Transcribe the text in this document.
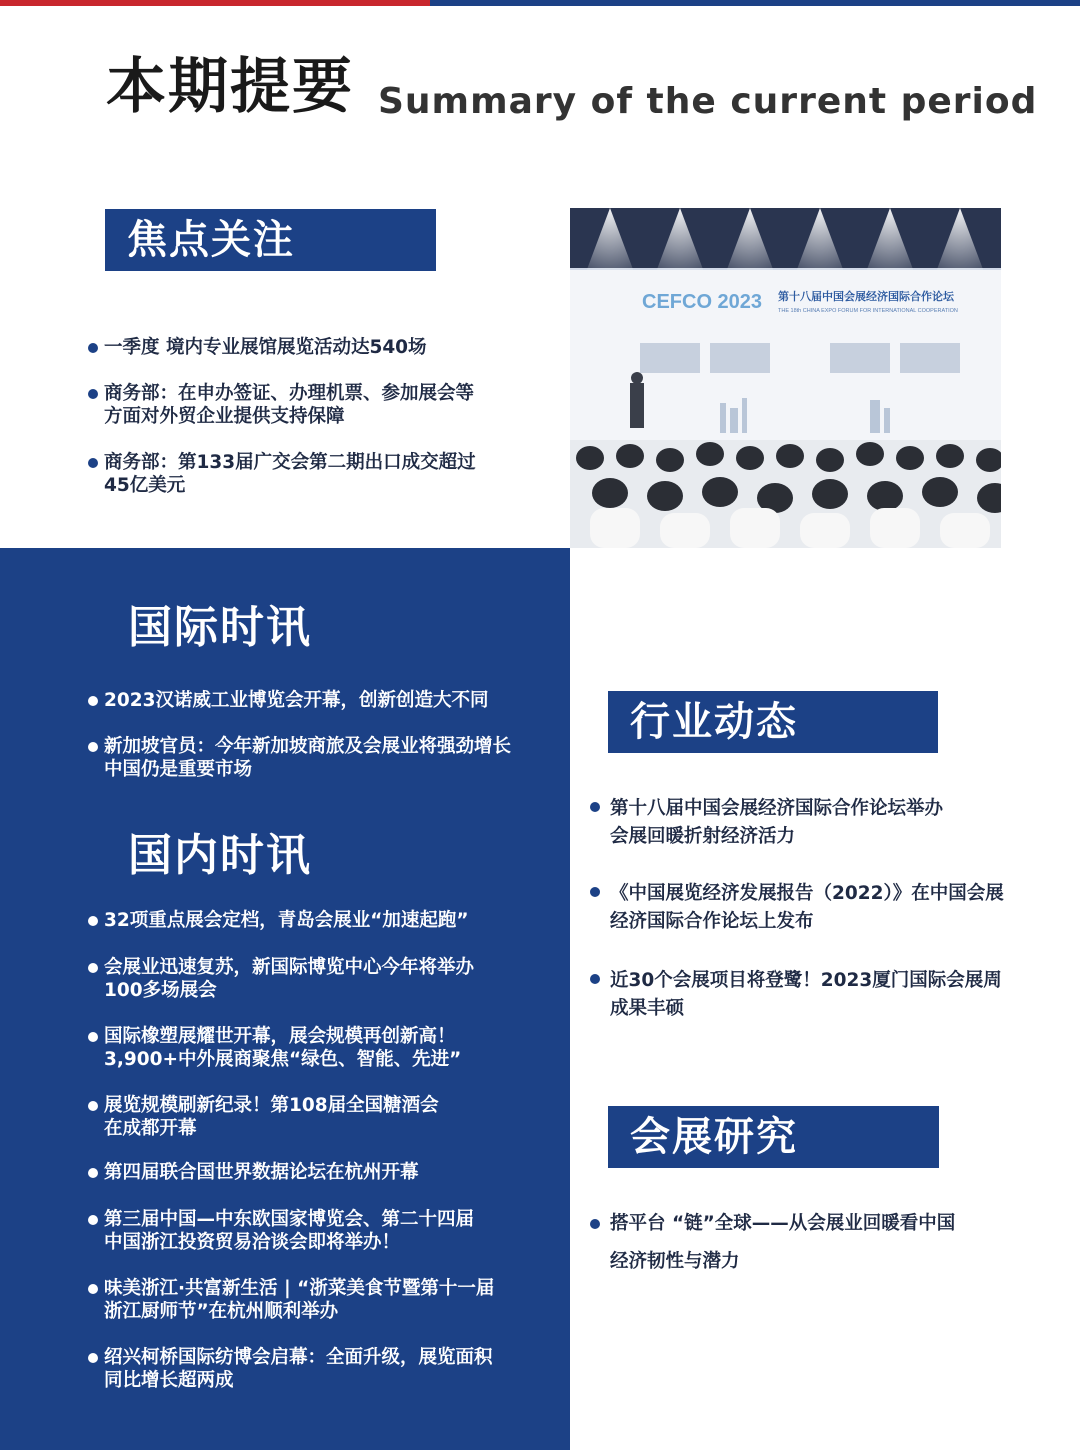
本期提要 Summary of the current period
焦点关注
一季度 境内专业展馆展览活动达540场
商务部：在申办签证、办理机票、参加展会等
方面对外贸企业提供支持保障
商务部：第133届广交会第二期出口成交超过
45亿美元
CEFCO 2023 第十八届中国会展经济国际合作论坛
THE 18th CHINA EXPO FORUM FOR INTERNATIONAL COOPERATION
国际时讯
2023汉诺威工业博览会开幕，创新创造大不同
新加坡官员：今年新加坡商旅及会展业将强劲增长
中国仍是重要市场
国内时讯
32项重点展会定档，青岛会展业“加速起跑”
会展业迅速复苏，新国际博览中心今年将举办
100多场展会
国际橡塑展耀世开幕，展会规模再创新高！
3,900+中外展商聚焦“绿色、智能、先进”
展览规模刷新纪录！第108届全国糖酒会
在成都开幕
第四届联合国世界数据论坛在杭州开幕
第三届中国—中东欧国家博览会、第二十四届
中国浙江投资贸易洽谈会即将举办！
味美浙江·共富新生活 | “浙菜美食节暨第十一届
浙江厨师节”在杭州顺利举办
绍兴柯桥国际纺博会启幕：全面升级，展览面积
同比增长超两成
行业动态
第十八届中国会展经济国际合作论坛举办
会展回暖折射经济活力
《中国展览经济发展报告（2022）》在中国会展
经济国际合作论坛上发布
近30个会展项目将登鹭！2023厦门国际会展周
成果丰硕
会展研究
搭平台 “链”全球——从会展业回暖看中国
经济韧性与潜力
